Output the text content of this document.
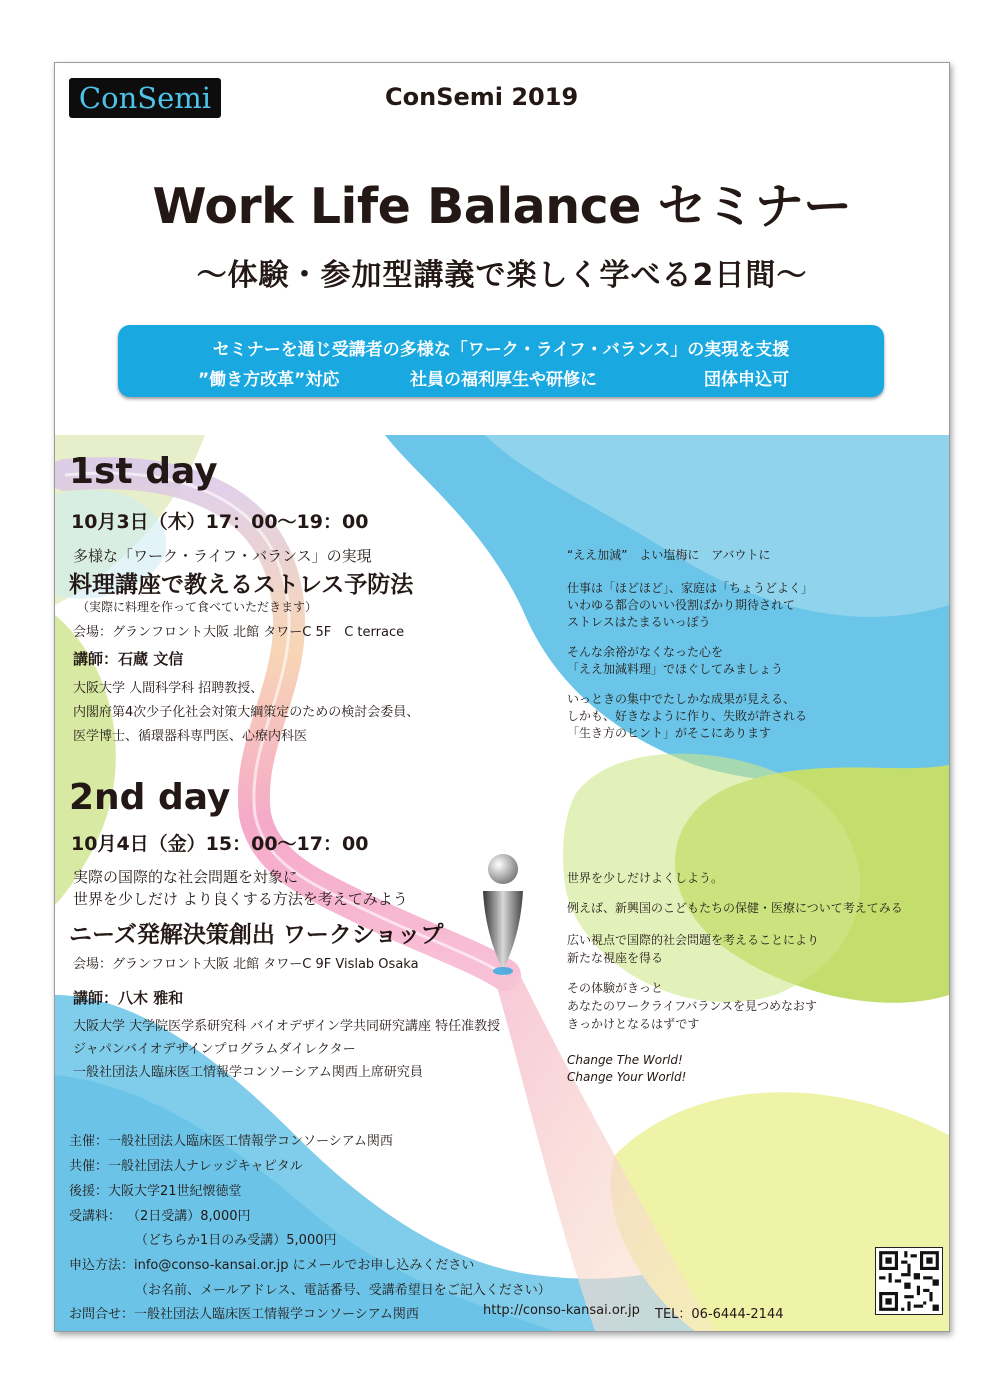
ConSemi	ConSemi 2019
Work Life Balance セミナー
〜体験・参加型講義で楽しく学べる2日間〜
セミナーを通じ受講者の多様な「ワーク・ライフ・バランス」の実現を支援
”働き方改革”対応	社員の福利厚生や研修に	団体申込可
1st day
10月3日（木）17：00〜19：00
多様な「ワーク・ライフ・バランス」の実現
料理講座で教えるストレス予防法
（実際に料理を作って食べていただきます）
会場：グランフロント大阪 北館 タワーC 5F　C terrace
講師：石蔵 文信
大阪大学 人間科学科 招聘教授、
内閣府第4次少子化社会対策大綱策定のための検討会委員、
医学博士、循環器科専門医、心療内科医
“ええ加減”　よい塩梅に　アバウトに
仕事は「ほどほど」、家庭は「ちょうどよく」
いわゆる都合のいい役割ばかり期待されて
ストレスはたまるいっぽう
そんな余裕がなくなった心を
「ええ加減料理」でほぐしてみましょう
いっときの集中でたしかな成果が見える、
しかも、好きなように作り、失敗が許される
「生き方のヒント」がそこにあります
2nd day
10月4日（金）15：00〜17：00
実際の国際的な社会問題を対象に
世界を少しだけ より良くする方法を考えてみよう
ニーズ発解決策創出 ワークショップ
会場：グランフロント大阪 北館 タワーC 9F Vislab Osaka
講師：八木 雅和
大阪大学 大学院医学系研究科 バイオデザイン学共同研究講座 特任准教授
ジャパンバイオデザインプログラムダイレクター
一般社団法人臨床医工情報学コンソーシアム関西上席研究員
世界を少しだけよくしよう。
例えば、新興国のこどもたちの保健・医療について考えてみる
広い視点で国際的社会問題を考えることにより
新たな視座を得る
その体験がきっと
あなたのワークライフバランスを見つめなおす
きっかけとなるはずです
Change The World!
Change Your World!
主催：一般社団法人臨床医工情報学コンソーシアム関西
共催：一般社団法人ナレッジキャピタル
後援：大阪大学21世紀懐徳堂
受講料： （2日受講）8,000円
（どちらか1日のみ受講）5,000円
申込方法：info@conso-kansai.or.jp にメールでお申し込みください
（お名前、メールアドレス、電話番号、受講希望日をご記入ください）
お問合せ：一般社団法人臨床医工情報学コンソーシアム関西	http://conso-kansai.or.jp TEL：06-6444-2144
